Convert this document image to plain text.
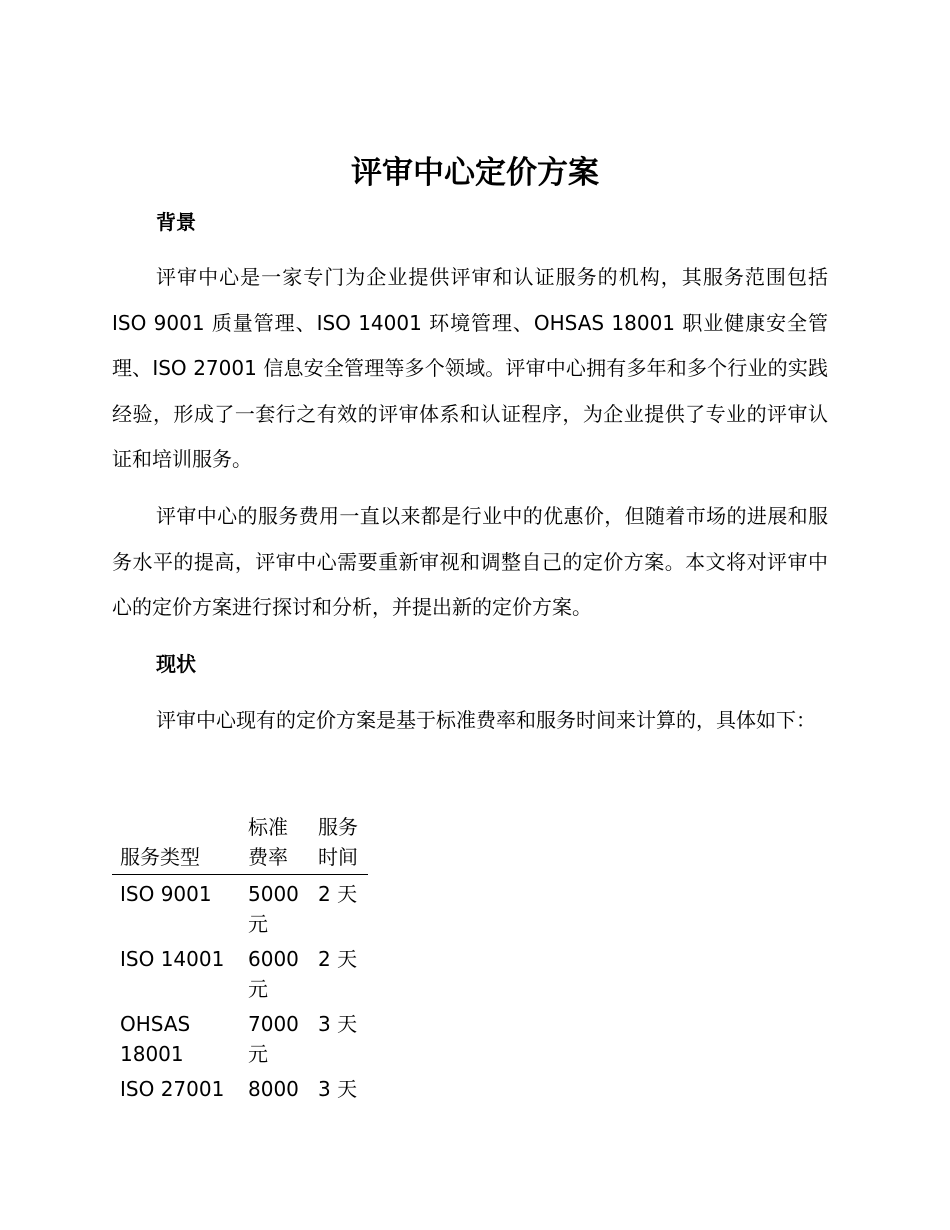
评审中心定价方案
背景

评审中心是一家专门为企业提供评审和认证服务的机构，其服务范围包括 ISO 9001 质量管理、ISO 14001 环境管理、OHSAS 18001 职业健康安全管理、ISO 27001 信息安全管理等多个领域。评审中心拥有多年和多个行业的实践经验，形成了一套行之有效的评审体系和认证程序，为企业提供了专业的评审认证和培训服务。

评审中心的服务费用一直以来都是行业中的优惠价，但随着市场的进展和服务水平的提高，评审中心需要重新审视和调整自己的定价方案。本文将对评审中心的定价方案进行探讨和分析，并提出新的定价方案。

现状

评审中心现有的定价方案是基于标准费率和服务时间来计算的，具体如下：

服务类型	标准费率	服务时间
ISO 9001	5000 元	2 天
ISO 14001	6000 元	2 天
OHSAS 18001	7000 元	3 天
ISO 27001	8000	3 天
